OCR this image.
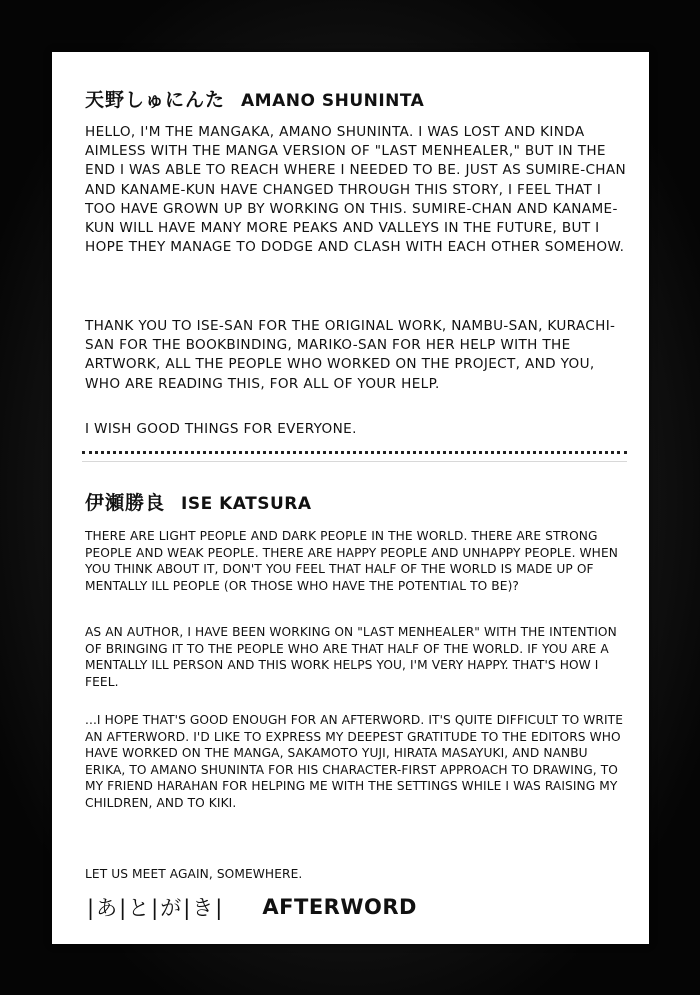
天野しゅにんた AMANO SHUNINTA

HELLO, I'M THE MANGAKA, AMANO SHUNINTA. I WAS LOST AND KINDA AIMLESS WITH THE MANGA VERSION OF "LAST MENHEALER," BUT IN THE END I WAS ABLE TO REACH WHERE I NEEDED TO BE. JUST AS SUMIRE-CHAN AND KANAME-KUN HAVE CHANGED THROUGH THIS STORY, I FEEL THAT I TOO HAVE GROWN UP BY WORKING ON THIS. SUMIRE-CHAN AND KANAME-KUN WILL HAVE MANY MORE PEAKS AND VALLEYS IN THE FUTURE, BUT I HOPE THEY MANAGE TO DODGE AND CLASH WITH EACH OTHER SOMEHOW.

THANK YOU TO ISE-SAN FOR THE ORIGINAL WORK, NAMBU-SAN, KURACHI-SAN FOR THE BOOKBINDING, MARIKO-SAN FOR HER HELP WITH THE ARTWORK, ALL THE PEOPLE WHO WORKED ON THE PROJECT, AND YOU, WHO ARE READING THIS, FOR ALL OF YOUR HELP.

I WISH GOOD THINGS FOR EVERYONE.

伊瀬勝良 ISE KATSURA

THERE ARE LIGHT PEOPLE AND DARK PEOPLE IN THE WORLD. THERE ARE STRONG PEOPLE AND WEAK PEOPLE. THERE ARE HAPPY PEOPLE AND UNHAPPY PEOPLE. WHEN YOU THINK ABOUT IT, DON'T YOU FEEL THAT HALF OF THE WORLD IS MADE UP OF MENTALLY ILL PEOPLE (OR THOSE WHO HAVE THE POTENTIAL TO BE)?

AS AN AUTHOR, I HAVE BEEN WORKING ON "LAST MENHEALER" WITH THE INTENTION OF BRINGING IT TO THE PEOPLE WHO ARE THAT HALF OF THE WORLD. IF YOU ARE A MENTALLY ILL PERSON AND THIS WORK HELPS YOU, I'M VERY HAPPY. THAT'S HOW I FEEL.

...I HOPE THAT'S GOOD ENOUGH FOR AN AFTERWORD. IT'S QUITE DIFFICULT TO WRITE AN AFTERWORD. I'D LIKE TO EXPRESS MY DEEPEST GRATITUDE TO THE EDITORS WHO HAVE WORKED ON THE MANGA, SAKAMOTO YUJI, HIRATA MASAYUKI, AND NANBU ERIKA, TO AMANO SHUNINTA FOR HIS CHARACTER-FIRST APPROACH TO DRAWING, TO MY FRIEND HARAHAN FOR HELPING ME WITH THE SETTINGS WHILE I WAS RAISING MY CHILDREN, AND TO KIKI.

LET US MEET AGAIN, SOMEWHERE.

|あ|と|が|き| AFTERWORD
